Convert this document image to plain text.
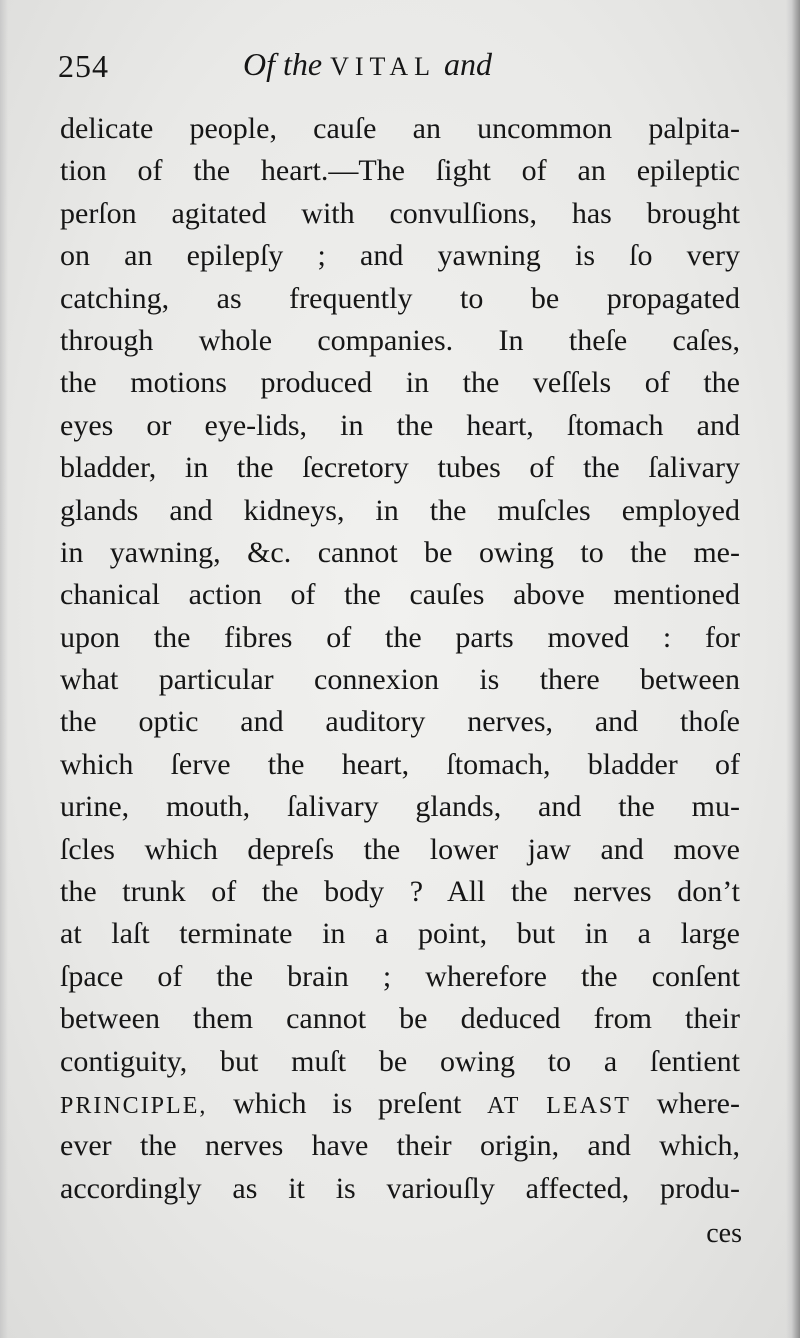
254	Of the VITAL and
delicate people, cauſe an uncommon palpita-
tion of the heart.—The ſight of an epileptic
perſon agitated with convulſions, has brought
on an epilepſy ; and yawning is ſo very
catching, as frequently to be propagated
through whole companies. In theſe caſes,
the motions produced in the veſſels of the
eyes or eye-lids, in the heart, ſtomach and
bladder, in the ſecretory tubes of the ſalivary
glands and kidneys, in the muſcles employed
in yawning, &c. cannot be owing to the me-
chanical action of the cauſes above mentioned
upon the fibres of the parts moved : for
what particular connexion is there between
the optic and auditory nerves, and thoſe
which ſerve the heart, ſtomach, bladder of
urine, mouth, ſalivary glands, and the mu-
ſcles which depreſs the lower jaw and move
the trunk of the body ? All the nerves don’t
at laſt terminate in a point, but in a large
ſpace of the brain ; wherefore the conſent
between them cannot be deduced from their
contiguity, but muſt be owing to a ſentient
PRINCIPLE, which is preſent AT LEAST where-
ever the nerves have their origin, and which,
accordingly as it is variouſly affected, produ-
ces
